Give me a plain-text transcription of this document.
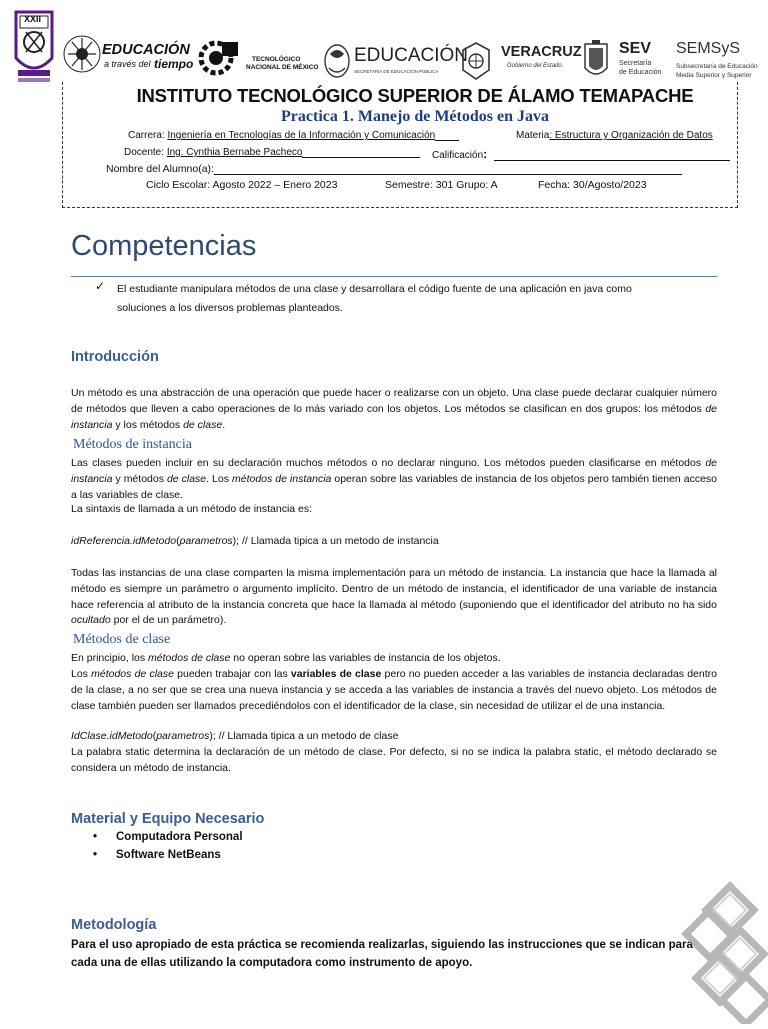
XXII
EDUCACIÓN
a través del tiempo	TECNOLÓGICO
NACIONAL DE MÉXICO
EDUCACIÓN
SECRETARÍA DE EDUCACIÓN PÚBLICA
VERACRUZ
Gobierno del Estado
SEV
Secretaría
de Educación
SEMSyS
Subsecretaría de Educación
Media Superior y Superior
INSTITUTO TECNOLÓGICO SUPERIOR DE ÁLAMO TEMAPACHE
Practica 1. Manejo de Métodos en Java
Carrera: Ingeniería en Tecnologías de la Información y Comunicación	Materia: Estructura y Organización de Datos
Docente: Ing. Cynthia Bernabe Pacheco	Calificación:
Nombre del Alumno(a):
Ciclo Escolar: Agosto 2022 – Enero 2023	Semestre: 301 Grupo: A	Fecha: 30/Agosto/2023
Competencias
✓ El estudiante manipulara métodos de una clase y desarrollara el código fuente de una aplicación en java como soluciones a los diversos problemas planteados.
Introducción
Un método es una abstracción de una operación que puede hacer o realizarse con un objeto. Una clase puede declarar cualquier número de métodos que lleven a cabo operaciones de lo más variado con los objetos. Los métodos se clasifican en dos grupos: los métodos de instancia y los métodos de clase.
Métodos de instancia
Las clases pueden incluir en su declaración muchos métodos o no declarar ninguno. Los métodos pueden clasificarse en métodos de instancia y métodos de clase. Los métodos de instancia operan sobre las variables de instancia de los objetos pero también tienen acceso a las variables de clase.
La sintaxis de llamada a un método de instancia es:
idReferencia.idMetodo(parametros); // Llamada tipica a un metodo de instancia
Todas las instancias de una clase comparten la misma implementación para un método de instancia. La instancia que hace la llamada al método es siempre un parámetro o argumento implícito. Dentro de un método de instancia, el identificador de una variable de instancia hace referencia al atributo de la instancia concreta que hace la llamada al método (suponiendo que el identificador del atributo no ha sido ocultado por el de un parámetro).
Métodos de clase
En principio, los métodos de clase no operan sobre las variables de instancia de los objetos.
Los métodos de clase pueden trabajar con las variables de clase pero no pueden acceder a las variables de instancia declaradas dentro de la clase, a no ser que se crea una nueva instancia y se acceda a las variables de instancia a través del nuevo objeto. Los métodos de clase también pueden ser llamados precediéndolos con el identificador de la clase, sin necesidad de utilizar el de una instancia.
IdClase.idMetodo(parametros); // Llamada tipica a un metodo de clase
La palabra static determina la declaración de un método de clase. Por defecto, si no se indica la palabra static, el método declarado se considera un método de instancia.
Material y Equipo Necesario
• Computadora Personal
• Software NetBeans
Metodología
Para el uso apropiado de esta práctica se recomienda realizarlas, siguiendo las instrucciones que se indican para cada una de ellas utilizando la computadora como instrumento de apoyo.
